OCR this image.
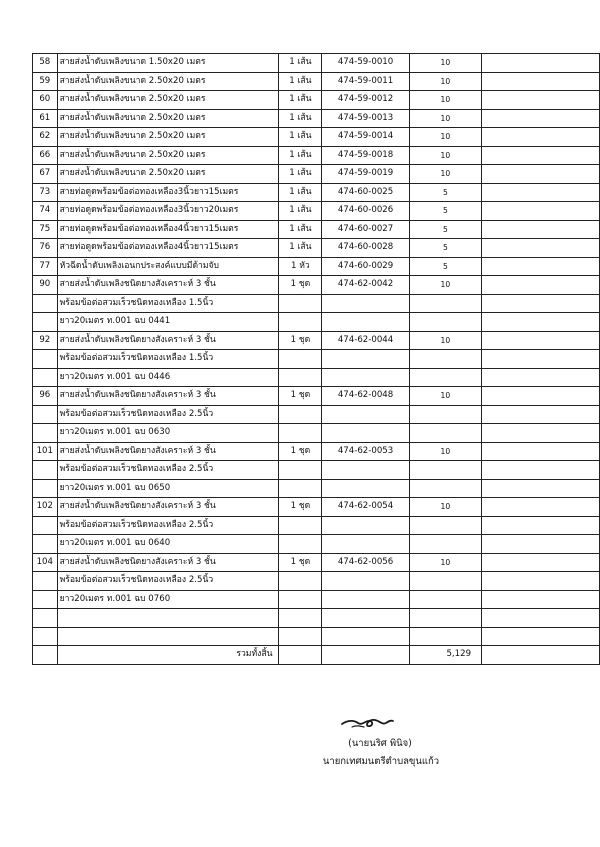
58	สายส่งน้ำดับเพลิงขนาด 1.50x20 เมตร	1 เส้น	474-59-0010	10	
59	สายส่งน้ำดับเพลิงขนาด 2.50x20 เมตร	1 เส้น	474-59-0011	10	
60	สายส่งน้ำดับเพลิงขนาด 2.50x20 เมตร	1 เส้น	474-59-0012	10	
61	สายส่งน้ำดับเพลิงขนาด 2.50x20 เมตร	1 เส้น	474-59-0013	10	
62	สายส่งน้ำดับเพลิงขนาด 2.50x20 เมตร	1 เส้น	474-59-0014	10	
66	สายส่งน้ำดับเพลิงขนาด 2.50x20 เมตร	1 เส้น	474-59-0018	10	
67	สายส่งน้ำดับเพลิงขนาด 2.50x20 เมตร	1 เส้น	474-59-0019	10	
73	สายท่อดูดพร้อมข้อต่อทองเหลือง3นิ้วยาว15เมตร	1 เส้น	474-60-0025	5	
74	สายท่อดูดพร้อมข้อต่อทองเหลือง3นิ้วยาว20เมตร	1 เส้น	474-60-0026	5	
75	สายท่อดูดพร้อมข้อต่อทองเหลือง4นิ้วยาว15เมตร	1 เส้น	474-60-0027	5	
76	สายท่อดูดพร้อมข้อต่อทองเหลือง4นิ้วยาว15เมตร	1 เส้น	474-60-0028	5	
77	หัวฉีดน้ำดับเพลิงเอนกประสงค์แบบมีด้ามจับ	1 หัว	474-60-0029	5	
90	สายส่งน้ำดับเพลิงชนิดยางสังเคราะห์ 3 ชั้น	1 ชุด	474-62-0042	10	
	พร้อมข้อต่อสวมเร็วชนิดทองเหลือง 1.5นิ้ว				
	ยาว20เมตร ท.001 ฉบ 0441				
92	สายส่งน้ำดับเพลิงชนิดยางสังเคราะห์ 3 ชั้น	1 ชุด	474-62-0044	10	
	พร้อมข้อต่อสวมเร็วชนิดทองเหลือง 1.5นิ้ว				
	ยาว20เมตร ท.001 ฉบ 0446				
96	สายส่งน้ำดับเพลิงชนิดยางสังเคราะห์ 3 ชั้น	1 ชุด	474-62-0048	10	
	พร้อมข้อต่อสวมเร็วชนิดทองเหลือง 2.5นิ้ว				
	ยาว20เมตร ท.001 ฉบ 0630				
101	สายส่งน้ำดับเพลิงชนิดยางสังเคราะห์ 3 ชั้น	1 ชุด	474-62-0053	10	
	พร้อมข้อต่อสวมเร็วชนิดทองเหลือง 2.5นิ้ว				
	ยาว20เมตร ท.001 ฉบ 0650				
102	สายส่งน้ำดับเพลิงชนิดยางสังเคราะห์ 3 ชั้น	1 ชุด	474-62-0054	10	
	พร้อมข้อต่อสวมเร็วชนิดทองเหลือง 2.5นิ้ว				
	ยาว20เมตร ท.001 ฉบ 0640				
104	สายส่งน้ำดับเพลิงชนิดยางสังเคราะห์ 3 ชั้น	1 ชุด	474-62-0056	10	
	พร้อมข้อต่อสวมเร็วชนิดทองเหลือง 2.5นิ้ว				
	ยาว20เมตร ท.001 ฉบ 0760				

	รวมทั้งสิ้น			5,129	
(นายนริศ พินิจ)
นายกเทศมนตรีตำบลขุนแก้ว
